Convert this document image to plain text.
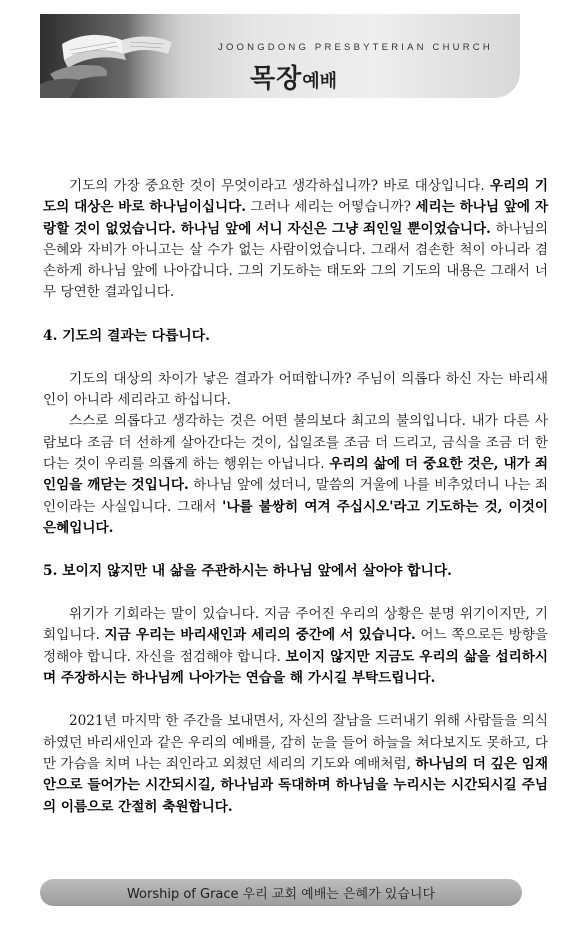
JOONGDONG PRESBYTERIAN CHURCH
목장예배

기도의 가장 중요한 것이 무엇이라고 생각하십니까? 바로 대상입니다. 우리의 기도의 대상은 바로 하나님이십니다. 그러나 세리는 어떻습니까? 세리는 하나님 앞에 자랑할 것이 없었습니다. 하나님 앞에 서니 자신은 그냥 죄인일 뿐이었습니다. 하나님의 은혜와 자비가 아니고는 살 수가 없는 사람이었습니다. 그래서 겸손한 척이 아니라 겸손하게 하나님 앞에 나아갑니다. 그의 기도하는 태도와 그의 기도의 내용은 그래서 너무 당연한 결과입니다.

4. 기도의 결과는 다릅니다.

기도의 대상의 차이가 낳은 결과가 어떠합니까? 주님이 의롭다 하신 자는 바리새인이 아니라 세리라고 하십니다.

스스로 의롭다고 생각하는 것은 어떤 불의보다 최고의 불의입니다. 내가 다른 사람보다 조금 더 선하게 살아간다는 것이, 십일조를 조금 더 드리고, 금식을 조금 더 한다는 것이 우리를 의롭게 하는 행위는 아닙니다. 우리의 삶에 더 중요한 것은, 내가 죄인임을 깨닫는 것입니다. 하나님 앞에 섰더니, 말씀의 거울에 나를 비추었더니 나는 죄인이라는 사실입니다. 그래서 '나를 불쌍히 여겨 주십시오'라고 기도하는 것, 이것이 은혜입니다.

5. 보이지 않지만 내 삶을 주관하시는 하나님 앞에서 살아야 합니다.

위기가 기회라는 말이 있습니다. 지금 주어진 우리의 상황은 분명 위기이지만, 기회입니다. 지금 우리는 바리새인과 세리의 중간에 서 있습니다. 어느 쪽으로든 방향을 정해야 합니다. 자신을 점검해야 합니다. 보이지 않지만 지금도 우리의 삶을 섭리하시며 주장하시는 하나님께 나아가는 연습을 해 가시길 부탁드립니다.

2021년 마지막 한 주간을 보내면서, 자신의 잘남을 드러내기 위해 사람들을 의식하였던 바리새인과 같은 우리의 예배를, 감히 눈을 들어 하늘을 쳐다보지도 못하고, 다만 가슴을 치며 나는 죄인라고 외쳤던 세리의 기도와 예배처럼, 하나님의 더 깊은 임재 안으로 들어가는 시간되시길, 하나님과 독대하며 하나님을 누리시는 시간되시길 주님의 이름으로 간절히 축원합니다.

Worship of Grace 우리 교회 예배는 은혜가 있습니다
